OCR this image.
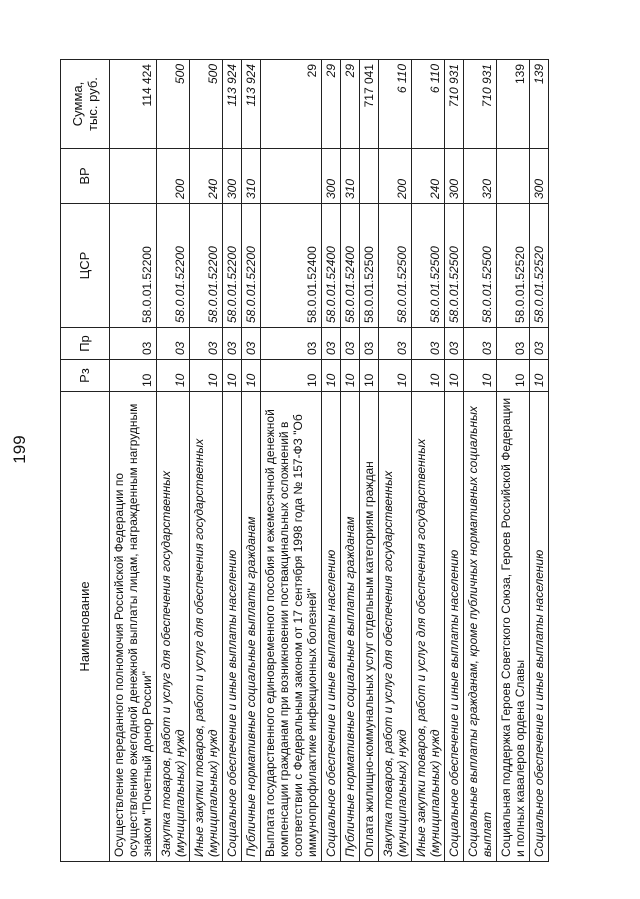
199
Наименование	Рз	Пр	ЦСР	ВР	Сумма, тыс. руб.

Осуществление переданного полномочия Российской Федерации по осуществлению ежегодной денежной выплаты лицам, награжденным нагрудным знаком "Почетный донор России"	10	03	58.0.01.52200		114 424
Закупка товаров, работ и услуг для обеспечения государственных (муниципальных) нужд	10	03	58.0.01.52200	200	500
Иные закупки товаров, работ и услуг для обеспечения государственных (муниципальных) нужд	10	03	58.0.01.52200	240	500
Социальное обеспечение и иные выплаты населению	10	03	58.0.01.52200	300	113 924
Публичные нормативные социальные выплаты гражданам	10	03	58.0.01.52200	310	113 924
Выплата государственного единовременного пособия и ежемесячной денежной компенсации гражданам при возникновении поствакцинальных осложнений в соответствии с Федеральным законом от 17 сентября 1998 года № 157-ФЗ "Об иммунопрофилактике инфекционных болезней"	10	03	58.0.01.52400		29
Социальное обеспечение и иные выплаты населению	10	03	58.0.01.52400	300	29
Публичные нормативные социальные выплаты гражданам	10	03	58.0.01.52400	310	29
Оплата жилищно-коммунальных услуг отдельным категориям граждан	10	03	58.0.01.52500		717 041
Закупка товаров, работ и услуг для обеспечения государственных (муниципальных) нужд	10	03	58.0.01.52500	200	6 110
Иные закупки товаров, работ и услуг для обеспечения государственных (муниципальных) нужд	10	03	58.0.01.52500	240	6 110
Социальное обеспечение и иные выплаты населению	10	03	58.0.01.52500	300	710 931
Социальные выплаты гражданам, кроме публичных нормативных социальных выплат	10	03	58.0.01.52500	320	710 931
Социальная поддержка Героев Советского Союза, Героев Российской Федерации и полных кавалеров ордена Славы	10	03	58.0.01.52520		139
Социальное обеспечение и иные выплаты населению	10	03	58.0.01.52520	300	139
